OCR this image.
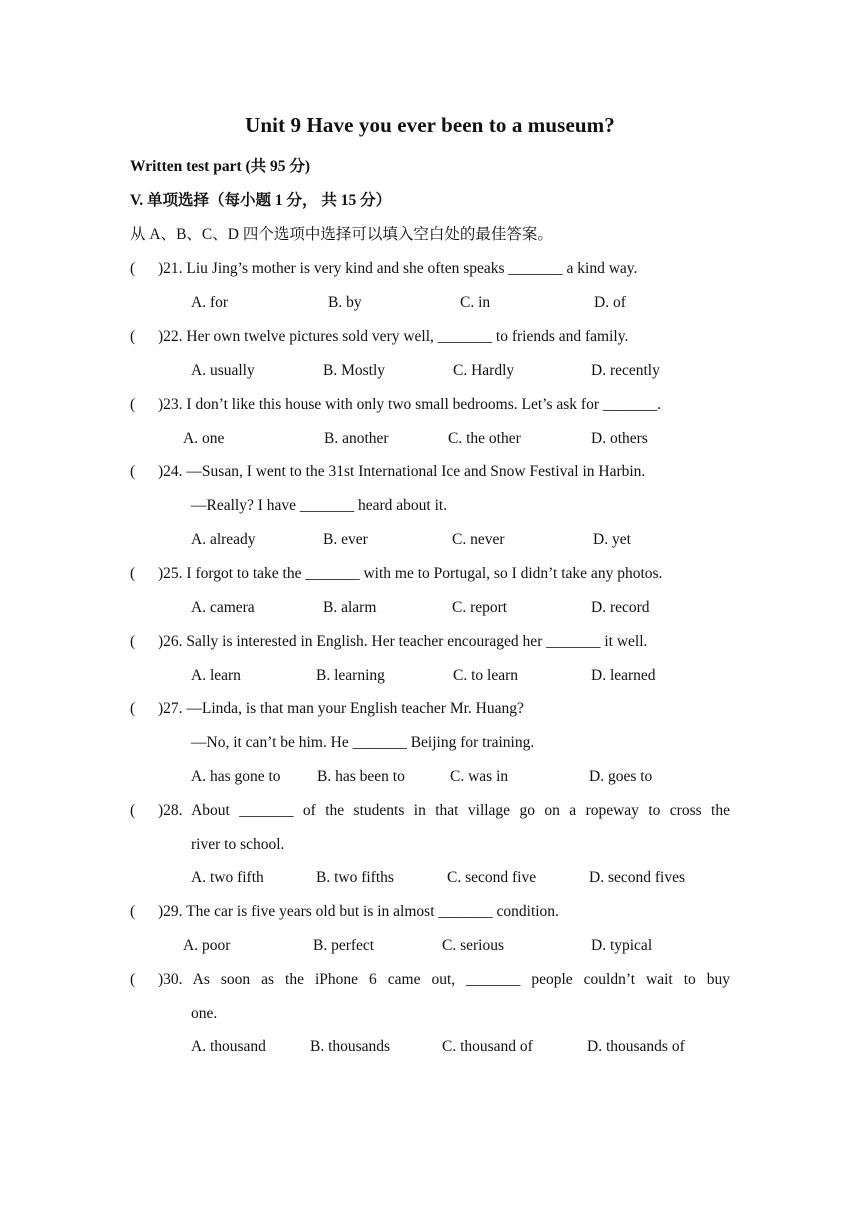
Unit 9 Have you ever been to a museum?
Written test part (共 95 分)
V. 单项选择（每小题 1 分， 共 15 分）
从 A、B、C、D 四个选项中选择可以填入空白处的最佳答案。
( )21. Liu Jing’s mother is very kind and she often speaks _______ a kind way.
A. for	B. by	C. in	D. of
( )22. Her own twelve pictures sold very well, _______ to friends and family.
A. usually	B. Mostly	C. Hardly	D. recently
( )23. I don’t like this house with only two small bedrooms. Let’s ask for _______.
A. one	B. another	C. the other	D. others
( )24. —Susan, I went to the 31st International Ice and Snow Festival in Harbin.
—Really? I have _______ heard about it.
A. already	B. ever	C. never	D. yet
( )25. I forgot to take the _______ with me to Portugal, so I didn’t take any photos.
A. camera	B. alarm	C. report	D. record
( )26. Sally is interested in English. Her teacher encouraged her _______ it well.
A. learn	B. learning	C. to learn	D. learned
( )27. —Linda, is that man your English teacher Mr. Huang?
—No, it can’t be him. He _______ Beijing for training.
A. has gone to B. has been to	C. was in	D. goes to
( )28. About _______ of the students in that village go on a ropeway to cross the
river to school.
A. two fifth	B. two fifths	C. second five	D. second fives
( )29. The car is five years old but is in almost _______ condition.
A. poor	B. perfect	C. serious	D. typical
( )30. As soon as the iPhone 6 came out, _______ people couldn’t wait to buy
one.
A. thousand	B. thousands	C. thousand of	D. thousands of
